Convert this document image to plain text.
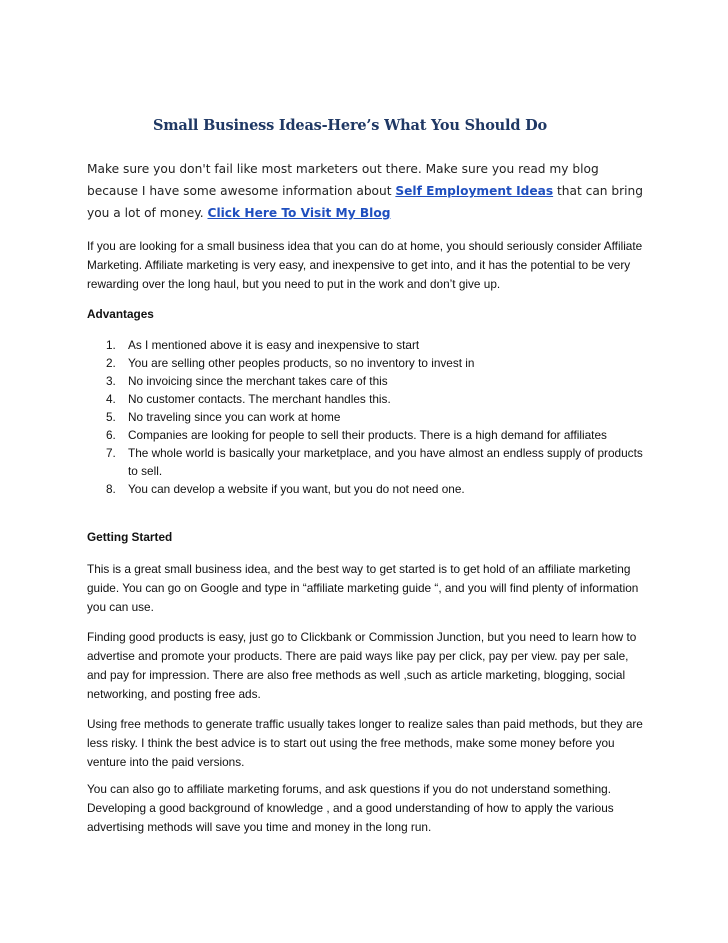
Small Business Ideas-Here’s What You Should Do

Make sure you don't fail like most marketers out there. Make sure you read my blog because I have some awesome information about Self Employment Ideas that can bring you a lot of money. Click Here To Visit My Blog

If you are looking for a small business idea that you can do at home, you should seriously consider Affiliate Marketing. Affiliate marketing is very easy, and inexpensive to get into, and it has the potential to be very rewarding over the long haul, but you need to put in the work and don’t give up.

Advantages

1. As I mentioned above it is easy and inexpensive to start
2. You are selling other peoples products, so no inventory to invest in
3. No invoicing since the merchant takes care of this
4. No customer contacts. The merchant handles this.
5. No traveling since you can work at home
6. Companies are looking for people to sell their products. There is a high demand for affiliates
7. The whole world is basically your marketplace, and you have almost an endless supply of products to sell.
8. You can develop a website if you want, but you do not need one.

Getting Started

This is a great small business idea, and the best way to get started is to get hold of an affiliate marketing guide. You can go on Google and type in “affiliate marketing guide “, and you will find plenty of information you can use.

Finding good products is easy, just go to Clickbank or Commission Junction, but you need to learn how to advertise and promote your products. There are paid ways like pay per click, pay per view. pay per sale, and pay for impression. There are also free methods as well ,such as article marketing, blogging, social networking, and posting free ads.

Using free methods to generate traffic usually takes longer to realize sales than paid methods, but they are less risky. I think the best advice is to start out using the free methods, make some money before you venture into the paid versions.

You can also go to affiliate marketing forums, and ask questions if you do not understand something. Developing a good background of knowledge , and a good understanding of how to apply the various advertising methods will save you time and money in the long run.
